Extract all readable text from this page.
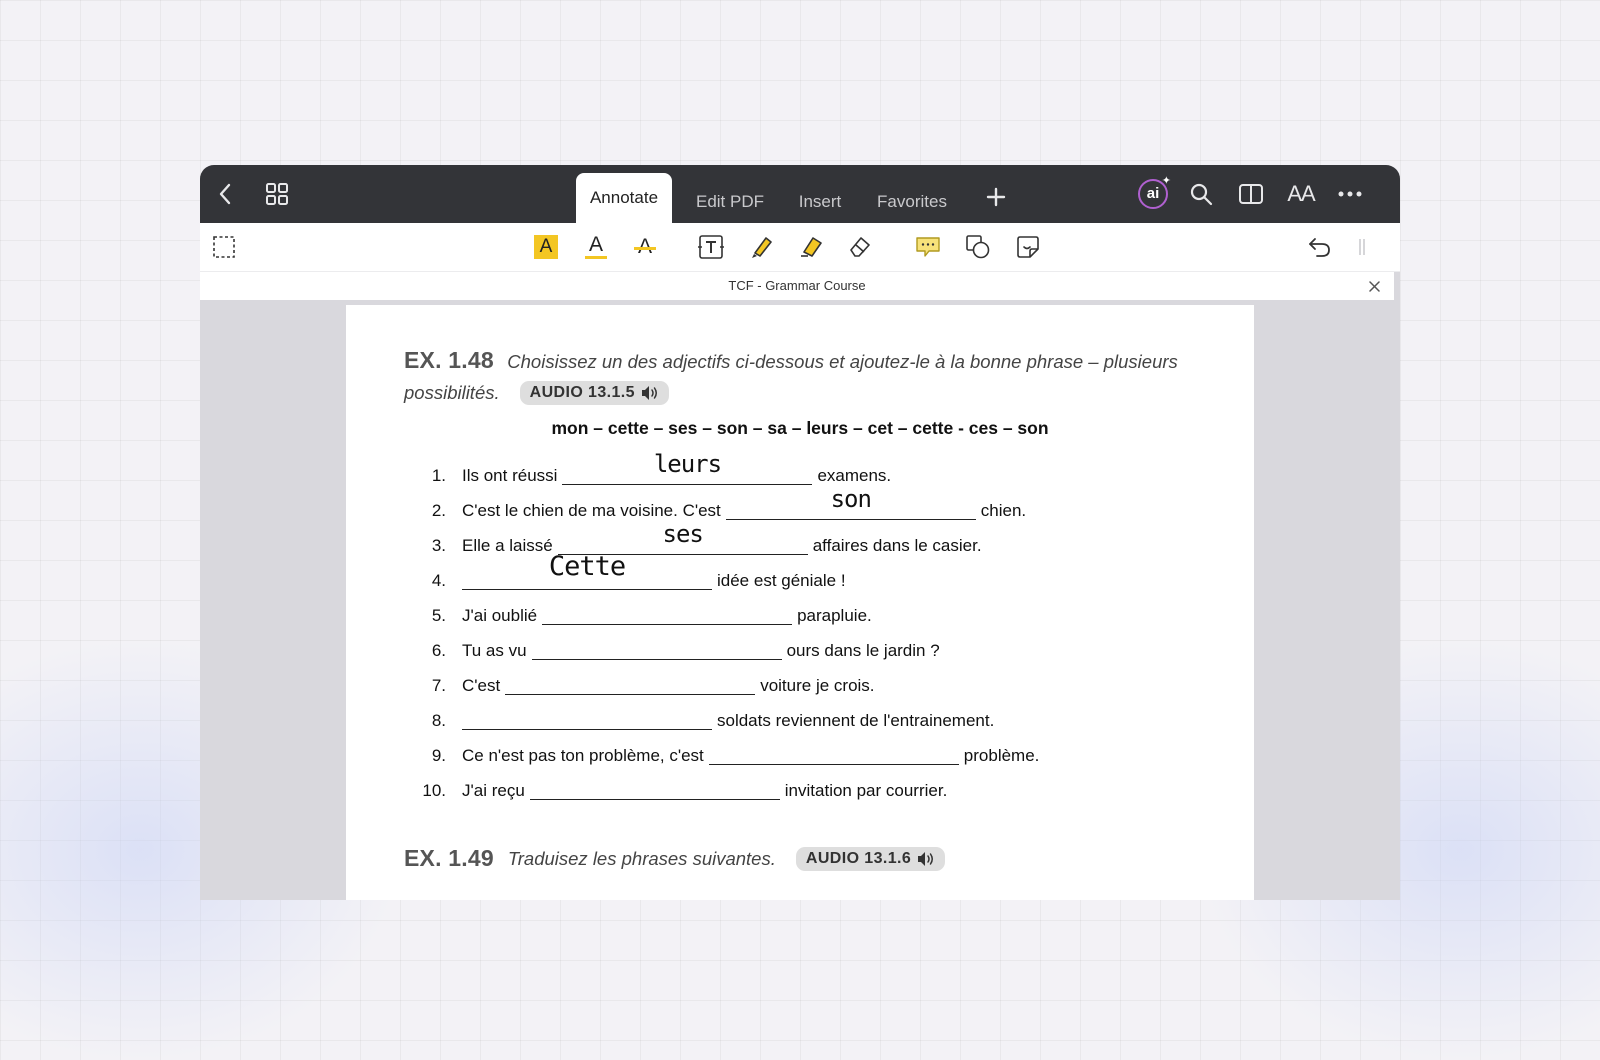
Annotate	Edit PDF	Insert	Favorites	ai
✦	AA
A A
TCF - Grammar Course
EX. 1.48 Choisissez un des adjectifs ci-dessous et ajoutez-le à la bonne phrase – plusieurs
possibilités. AUDIO 13.1.5
mon – cette – ses – son – sa – leurs – cet – cette - ces – son
1. Ils ont réussi	leurs	examens.
2. C'est le chien de ma voisine. C'est	son	chien.
3. Elle a laissé	ses	affaires dans le casier.
4.	Cette	idée est géniale !
5. J'ai oublié	parapluie.
6. Tu as vu	ours dans le jardin ?
7. C'est	voiture je crois.
8.	soldats reviennent de l'entrainement.
9. Ce n'est pas ton problème, c'est	problème.
10. J'ai reçu	invitation par courrier.
EX. 1.49 Traduisez les phrases suivantes. AUDIO 13.1.6
